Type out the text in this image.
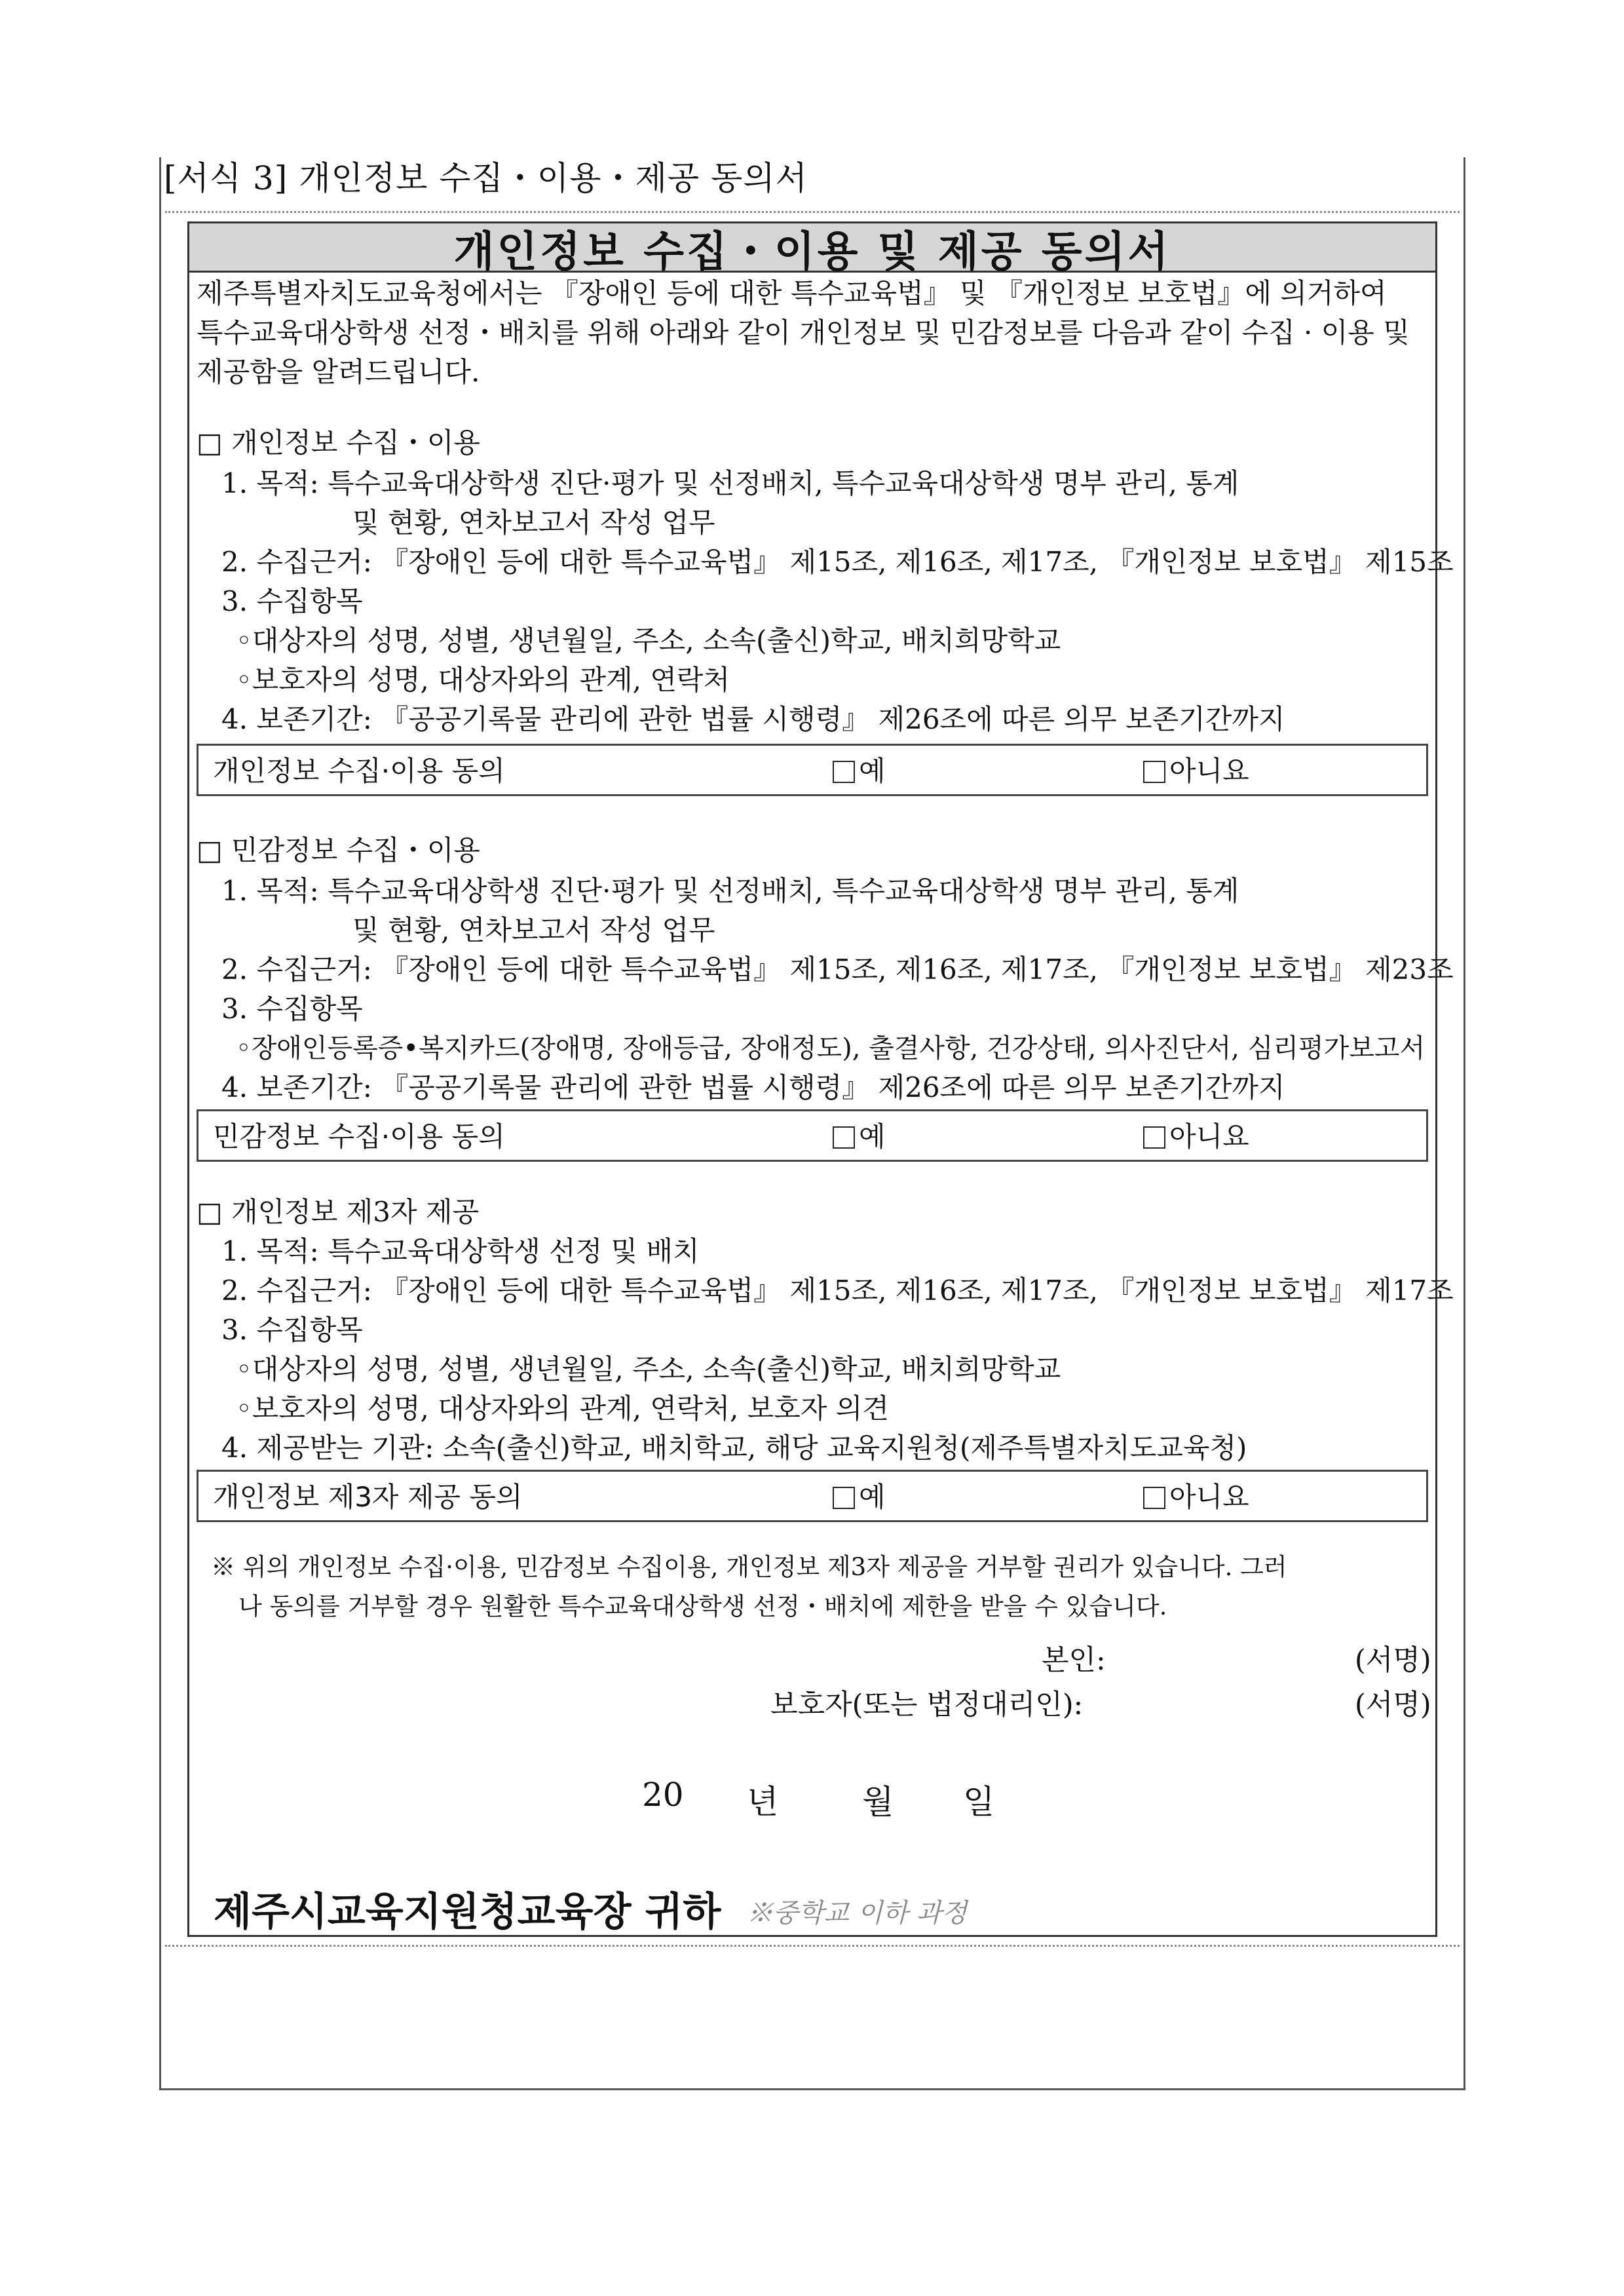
[서식 3] 개인정보 수집・이용・제공 동의서
개인정보 수집・이용 및 제공 동의서
제주특별자치도교육청에서는 『장애인 등에 대한 특수교육법』 및 『개인정보 보호법』에 의거하여
특수교육대상학생 선정・배치를 위해 아래와 같이 개인정보 및 민감정보를 다음과 같이 수집 · 이용 및
제공함을 알려드립니다.
□ 개인정보 수집・이용
1. 목적: 특수교육대상학생 진단·평가 및 선정배치, 특수교육대상학생 명부 관리, 통계
및 현황, 연차보고서 작성 업무
2. 수집근거: 『장애인 등에 대한 특수교육법』 제15조, 제16조, 제17조, 『개인정보 보호법』 제15조
3. 수집항목
◦대상자의 성명, 성별, 생년월일, 주소, 소속(출신)학교, 배치희망학교
◦보호자의 성명, 대상자와의 관계, 연락처
4. 보존기간: 『공공기록물 관리에 관한 법률 시행령』 제26조에 따른 의무 보존기간까지
개인정보 수집·이용 동의	예	아니요
□ 민감정보 수집・이용
1. 목적: 특수교육대상학생 진단·평가 및 선정배치, 특수교육대상학생 명부 관리, 통계
및 현황, 연차보고서 작성 업무
2. 수집근거: 『장애인 등에 대한 특수교육법』 제15조, 제16조, 제17조, 『개인정보 보호법』 제23조
3. 수집항목
◦장애인등록증•복지카드(장애명, 장애등급, 장애정도), 출결사항, 건강상태, 의사진단서, 심리평가보고서
4. 보존기간: 『공공기록물 관리에 관한 법률 시행령』 제26조에 따른 의무 보존기간까지
민감정보 수집·이용 동의	예	아니요
□ 개인정보 제3자 제공
1. 목적: 특수교육대상학생 선정 및 배치
2. 수집근거: 『장애인 등에 대한 특수교육법』 제15조, 제16조, 제17조, 『개인정보 보호법』 제17조
3. 수집항목
◦대상자의 성명, 성별, 생년월일, 주소, 소속(출신)학교, 배치희망학교
◦보호자의 성명, 대상자와의 관계, 연락처, 보호자 의견
4. 제공받는 기관: 소속(출신)학교, 배치학교, 해당 교육지원청(제주특별자치도교육청)
개인정보 제3자 제공 동의	예	아니요
※ 위의 개인정보 수집·이용, 민감정보 수집이용, 개인정보 제3자 제공을 거부할 권리가 있습니다. 그러
나 동의를 거부할 경우 원활한 특수교육대상학생 선정・배치에 제한을 받을 수 있습니다.
본인:	(서명)
보호자(또는 법정대리인):	(서명)
20 년	월 일
제주시교육지원청교육장 귀하 ※중학교 이하 과정
